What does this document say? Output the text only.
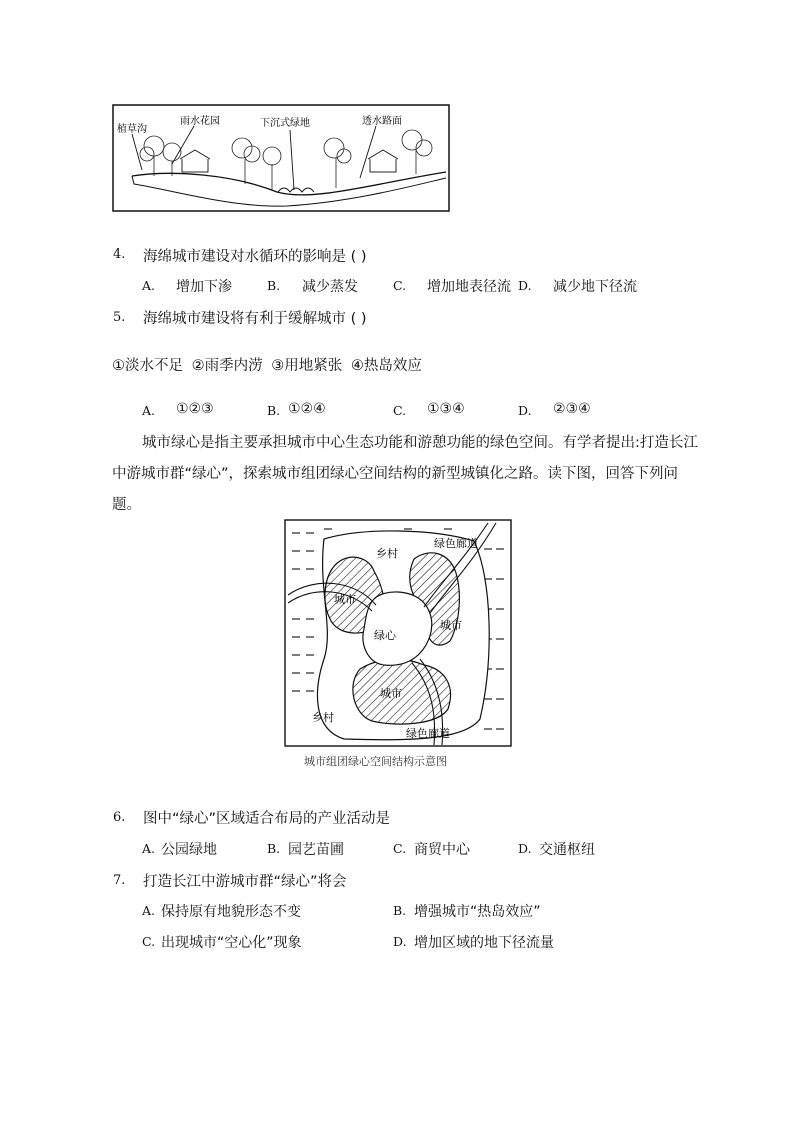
植草沟
雨水花园	下沉式绿地	透水路面
4. 海绵城市建设对水循环的影响是 ( )
A. 增加下渗	B. 减少蒸发	C. 增加地表径流 D. 减少地下径流
5. 海绵城市建设将有利于缓解城市 ( )
①淡水不足 ②雨季内涝 ③用地紧张 ④热岛效应
A. ①②③	B. ①②④	C. ①③④	D. ②③④
城市绿心是指主要承担城市中心生态功能和游憩功能的绿色空间。有学者提出:打造长江
中游城市群“绿心”，探索城市组团绿心空间结构的新型城镇化之路。读下图，回答下列问
题。
乡村
绿色廊道
城市
城市
绿心
城市
乡村
绿色廊道
城市组团绿心空间结构示意图
6. 图中“绿心”区域适合布局的产业活动是
A. 公园绿地	B. 园艺苗圃	C. 商贸中心	D. 交通枢纽
7. 打造长江中游城市群“绿心”将会
A. 保持原有地貌形态不变	B. 增强城市“热岛效应”
C. 出现城市“空心化”现象	D. 增加区域的地下径流量
